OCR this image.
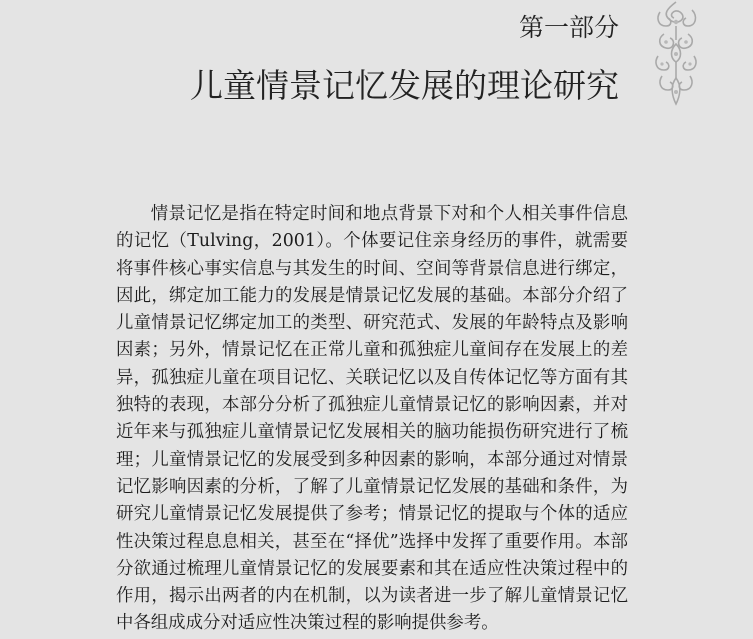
第一部分
儿童情景记忆发展的理论研究
情景记忆是指在特定时间和地点背景下对和个人相关事件信息的记忆（Tulving，2001）。个体要记住亲身经历的事件，就需要将事件核心事实信息与其发生的时间、空间等背景信息进行绑定，因此，绑定加工能力的发展是情景记忆发展的基础。本部分介绍了儿童情景记忆绑定加工的类型、研究范式、发展的年龄特点及影响因素；另外，情景记忆在正常儿童和孤独症儿童间存在发展上的差异，孤独症儿童在项目记忆、关联记忆以及自传体记忆等方面有其独特的表现，本部分分析了孤独症儿童情景记忆的影响因素，并对近年来与孤独症儿童情景记忆发展相关的脑功能损伤研究进行了梳理；儿童情景记忆的发展受到多种因素的影响，本部分通过对情景记忆影响因素的分析，了解了儿童情景记忆发展的基础和条件，为研究儿童情景记忆发展提供了参考；情景记忆的提取与个体的适应性决策过程息息相关，甚至在“择优”选择中发挥了重要作用。本部分欲通过梳理儿童情景记忆的发展要素和其在适应性决策过程中的作用，揭示出两者的内在机制，以为读者进一步了解儿童情景记忆中各组成成分对适应性决策过程的影响提供参考。
